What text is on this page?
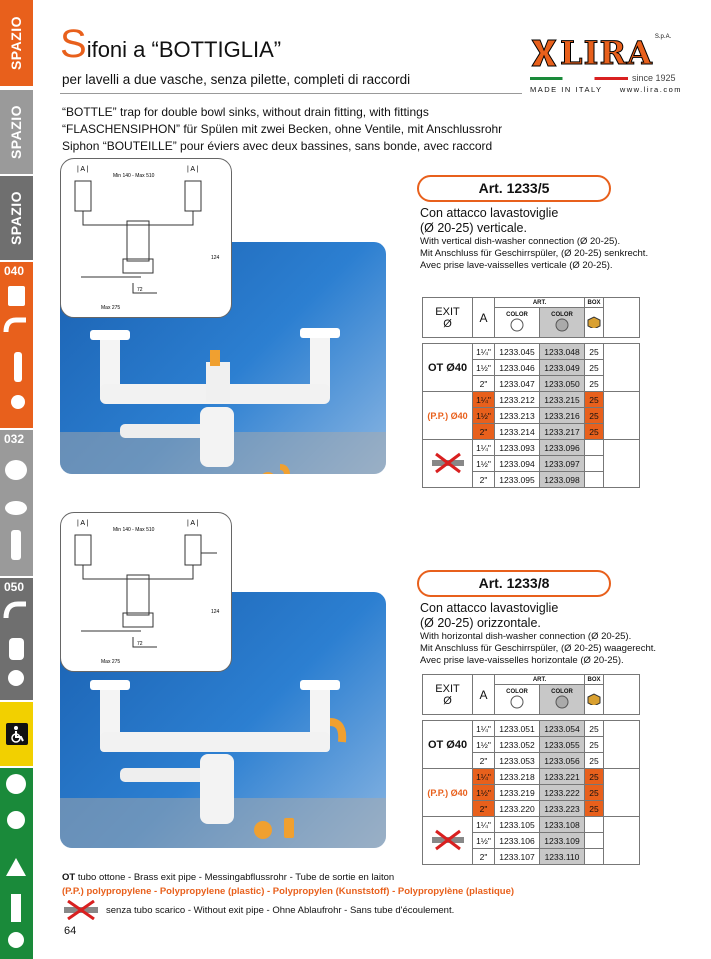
SPAZIO
SPAZIO
SPAZIO
040
032
050
Sifoni a “BOTTIGLIA”
per lavelli a due vasche, senza pilette, completi di raccordi
LIRA S.p.A.
since 1925
MADE IN ITALY www.lira.com
“BOTTLE” trap for double bowl sinks, without drain fitting, with fittings
“FLASCHENSIPHON” für Spülen mit zwei Becken, ohne Ventile, mit Anschlussrohr
Siphon “BOUTEILLE” pour éviers avec deux bassines, sans bonde, avec raccord
| A |	| A |
Min 140 - Max 510
72
Max 275
124
Art. 1233/5
Con attacco lavastoviglie
(Ø 20-25) verticale.
With vertical dish-washer connection (Ø 20-25).
Mit Anschluss für Geschirrspüler, (Ø 20-25) senkrecht.
Avec prise lave-vaisselles verticale (Ø 20-25).
EXIT
Ø	A	ART.		BOX	
		COLOR	COLOR

OT Ø40	1¼"	1233.045	1233.048	25	
	1½"	1233.046	1233.049	25	
	2"	1233.047	1233.050	25	
(P.P.) Ø40	1¼"	1233.212	1233.215	25	
	1½"	1233.213	1233.216	25	
	2"	1233.214	1233.217	25	
	1¼"	1233.093	1233.096		
	1½"	1233.094	1233.097		
	2"	1233.095	1233.098		
| A |	| A |
Min 140 - Max 510
72
Max 275
124
Art. 1233/8
Con attacco lavastoviglie
(Ø 20-25) orizzontale.
With horizontal dish-washer connection (Ø 20-25).
Mit Anschluss für Geschirrspüler, (Ø 20-25) waagerecht.
Avec prise lave-vaisselles horizontale (Ø 20-25).
EXIT
Ø	A	ART.		BOX	
		COLOR	COLOR

OT Ø40	1¼"	1233.051	1233.054	25	
	1½"	1233.052	1233.055	25	
	2"	1233.053	1233.056	25	
(P.P.) Ø40	1¼"	1233.218	1233.221	25	
	1½"	1233.219	1233.222	25	
	2"	1233.220	1233.223	25	
	1¼"	1233.105	1233.108		
	1½"	1233.106	1233.109		
	2"	1233.107	1233.110		
OT tubo ottone - Brass exit pipe - Messingabflussrohr - Tube de sortie en laiton
(P.P.) polypropylene - Polypropylene (plastic) - Polypropylen (Kunststoff) - Polypropylène (plastique)
senza tubo scarico - Without exit pipe - Ohne Ablaufrohr - Sans tube d'écoulement.
64
